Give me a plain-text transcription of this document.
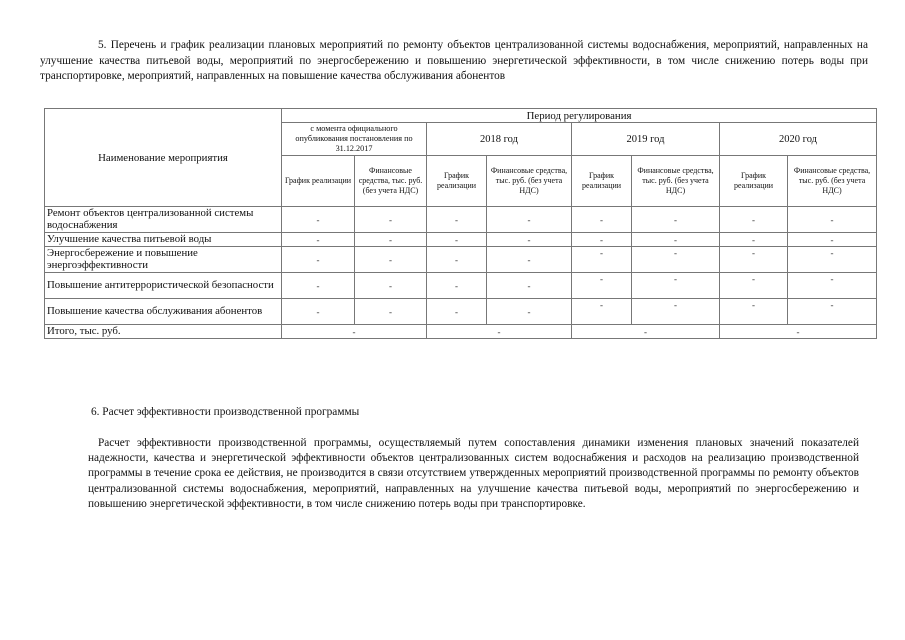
5. Перечень и график реализации плановых мероприятий по ремонту объектов централизованной системы водоснабжения, мероприятий, направленных на улучшение качества питьевой воды, мероприятий по энергосбережению и повышению энергетической эффективности, в том числе снижению потерь воды при транспортировке, мероприятий, направленных на повышение качества обслуживания абонентов

Наименование мероприятия	Период регулирования							
	с момента официального опубликования постановления по 31.12.2017		2018 год		2019 год		2020 год	
	График реализации	Финансовые средства, тыс. руб. (без учета НДС)	График реализации	Финансовые средства, тыс. руб. (без учета НДС)	График реализации	Финансовые средства, тыс. руб. (без учета НДС)	График реализации	Финансовые средства, тыс. руб. (без учета НДС)
Ремонт объектов централизованной системы водоснабжения	-	-	-	-	-	-	-	-
Улучшение качества питьевой воды	-	-	-	-	-	-	-	-
Энергосбережение и повышение энергоэффективности	-	-	-	-	-	-	-	-
Повышение антитеррористической безопасности	-	-	-	-	-	-	-	-
Повышение качества обслуживания абонентов	-	-	-	-	-	-	-	-
Итого, тыс. руб.	-		-		-		-	

6. Расчет эффективности производственной программы

Расчет эффективности производственной программы, осуществляемый путем сопоставления динамики изменения плановых значений показателей надежности, качества и энергетической эффективности объектов централизованных систем водоснабжения и расходов на реализацию производственной программы в течение срока ее действия, не производится в связи отсутствием утвержденных мероприятий производственной программы по ремонту объектов централизованной системы водоснабжения, мероприятий, направленных на улучшение качества питьевой воды, мероприятий по энергосбережению и повышению энергетической эффективности, в том числе снижению потерь воды при транспортировке.
